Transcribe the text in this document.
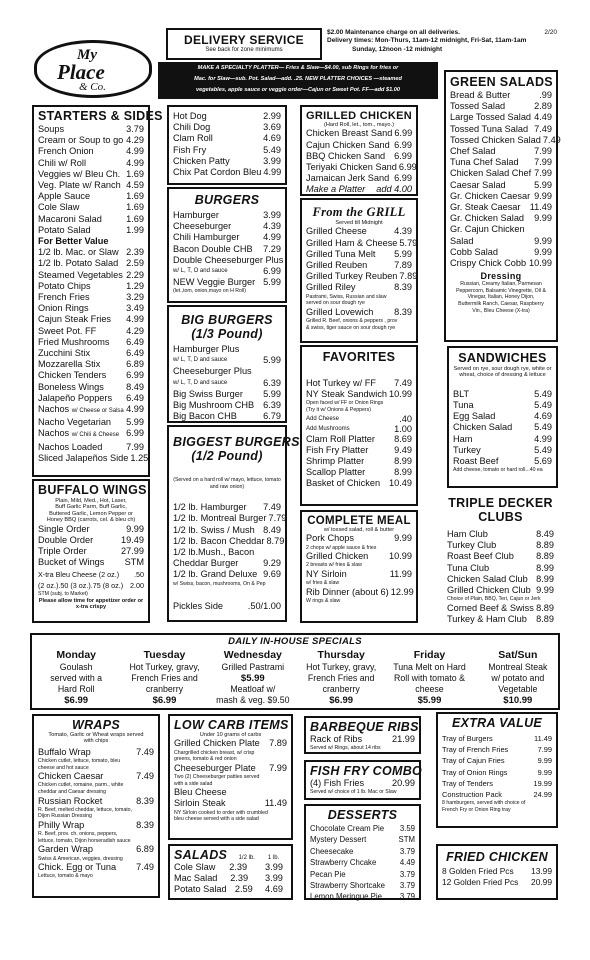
My
Place
& Co.
DELIVERY SERVICE
See back for zone minimums
$2.00 Maintenance charge on all deliveries.	2/20
Delivery times: Mon-Thurs, 11am-12 midnight, Fri-Sat, 11am-1am
Sunday, 12noon -12 midnight
MAKE A SPECIALTY PLATTER— Fries & Slaw—$4.00, sub Rings for fries or
Mac. for Slaw—sub. Pot. Salad—add. .25. NEW PLATTER CHOICES —steamed
vegetables, apple sauce or veggie order—Cajun or Sweet Pot. FF—add $1.00
STARTERS & SIDES
Soups	3.79
Cream or Soup to go 4.29
French Onion	4.99
Chili w/ Roll	4.99
Veggies w/ Bleu Ch. 1.69
Veg. Plate w/ Ranch 4.59
Apple Sauce	1.69
Cole Slaw	1.69
Macaroni Salad	1.69
Potato Salad	1.99
For Better Value
1/2 lb. Mac. or Slaw 2.39
1/2 lb. Potato Salad 2.59
Steamed Vegetables 2.29
Potato Chips	1.29
French Fries	3.29
Onion Rings	3.49
Cajun Steak Fries 4.99
Sweet Pot. FF	4.29
Fried Mushrooms 6.49
Zucchini Stix	6.49
Mozzarella Stix	6.89
Chicken Tenders 6.99
Boneless Wings 8.49
Jalapeño Poppers 6.49
Nachos w/ Cheese or Salsa 4.99
Nacho Vegetarian 5.99
Nachos w/ Chili & Cheese 6.99
Nachos Loaded	7.99
Sliced Jalapeños Side 1.25
Hot Dog	2.99
Chili Dog	3.69
Clam Roll	4.69
Fish Fry	5.49
Chicken Patty	3.99
Chix Pat Cordon Bleu 4.99
BURGERS
Hamburger	3.99
Cheeseburger	4.39
Chili Hamburger	4.99
Bacon Double CHB 7.29
Double Cheeseburger Plus
w/ L, T, O and sauce	6.99
NEW Veggie Burger 5.99
(let.,tom, onion,mayo on H Roll)
BIG BURGERS
(1/3 Pound)
Hamburger Plus
w/ L, T, D and sauce	5.99
Cheeseburger Plus
w/ L, T, D and sauce	6.39
Big Swiss Burger 5.99
Big Mushroom CHB 6.39
Big Bacon CHB	6.79
BIGGEST BURGERS
(1/2 Pound)
(Served on a hard roll w/ mayo, lettuce, tomato and raw onion)
1/2 lb. Hamburger 7.49
1/2 lb. Montreal Burger 7.79
1/2 lb. Swiss / Mush 8.49
1/2 lb. Bacon Cheddar 8.79
1/2 lb.Mush., Bacon
Cheddar Burger	9.29
1/2 lb. Grand Deluxe 9.69
w/ Swiss, bacon, mushrooms, On & Pep
Pickles Side	.50/1.00
GRILLED CHICKEN
(Hard Roll, let., tom., mayo.)
Chicken Breast Sand 6.99
Cajun Chicken Sand 6.99
BBQ Chicken Sand 6.99
Teriyaki Chicken Sand 6.99
Jamaican Jerk Sand 6.99
Make a Platter add 4.00
From the GRILL
Served till Midnight
Grilled Cheese	4.39
Grilled Ham & Cheese 5.79
Grilled Tuna Melt 5.99
Grilled Reuben	7.89
Grilled Turkey Reuben 7.89
Grilled Riley	8.39
Pastrami, Swiss, Russian and slaw
served on sour dough rye
Grilled Lovewich 8.39
Grilled R. Beef, onions & peppers , prov
& swiss, tiger sauce on sour dough rye
FAVORITES
Hot Turkey w/ FF 7.49
NY Steak Sandwich 10.99
Open faced w/ FF or Onion Rings
(Try it w/ Onions & Peppers)
Add Cheese	.40
Add Mushrooms	1.00
Clam Roll Platter 8.69
Fish Fry Platter	9.49
Shrimp Platter	8.99
Scallop Platter	8.99
Basket of Chicken 10.49
COMPLETE MEAL
w/ tossed salad, roll & butter
Pork Chops	9.99
2 chops w/ apple sauce & fries
Grilled Chicken 10.99
2 breasts w/ fries & slaw
NY Sirloin	11.99
w/ fries & slaw
Rib Dinner (about 6) 12.99
W rings & slaw
GREEN SALADS
Bread & Butter	.99
Tossed Salad	2.89
Large Tossed Salad 4.49
Tossed Tuna Salad 7.49
Tossed Chicken Salad 7.49
Chef Salad	7.99
Tuna Chef Salad 7.99
Chicken Salad Chef 7.99
Caesar Salad	5.99
Gr. Chicken Caesar 9.99
Gr. Steak Caesar 11.49
Gr. Chicken Salad 9.99
Gr. Cajun Chicken
Salad	9.99
Cobb Salad	9.99
Crispy Chick Cobb 10.99
Dressing
Russian, Creamy Italian, Parmesan
Peppercorn, Balsamic Vinegrette, Oil &
Vinegar, Italian, Honey Dijon,
Buttermilk Ranch, Caesar, Raspberry
Vin., Bleu Cheese (X-tra)
SANDWICHES
Served on rye, sour dough rye, white or
wheat, choice of dressing & lettuce
BLT	5.49
Tuna	5.49
Egg Salad	4.69
Chicken Salad 5.49
Ham	4.99
Turkey	5.49
Roast Beef	5.69
Add cheese, tomato or hard roll...40 ea
TRIPLE DECKER
CLUBS
Ham Club	8.49
Turkey Club	8.89
Roast Beef Club 8.89
Tuna Club	8.99
Chicken Salad Club 8.99
Grilled Chicken Club 9.99
Choice of Plain, BBQ, Teri, Cajun or Jerk
Corned Beef & Swiss 8.89
Turkey & Ham Club 8.89
BUFFALO WINGS
Plain, Mild, Med., Hot, Laser,
Buff Garlic Parm, Buff Garlic,
Buttered Garlic, Lemon Pepper or
Honey BBQ (carrots, cel. & bleu ch)
Single Order	9.99
Double Order	19.49
Triple Order	27.99
Bucket of Wings STM
X-tra Bleu Cheese (2 oz.) .50
(2 oz.).50 (3 oz.).75 (8 oz.) 2.00
STM (subj. to Market)
Please allow time for appetizer order or
x-tra crispy
DAILY IN-HOUSE SPECIALS
Monday
Goulash
served with a
Hard Roll
$6.99
Tuesday
Hot Turkey, gravy,
French Fries and
cranberry
$6.99
Wednesday
Grilled Pastrami
$5.99
Meatloaf w/
mash & veg. $9.50
Thursday
Hot Turkey, gravy,
French Fries and
cranberry
$6.99
Friday
Tuna Melt on Hard
Roll with tomato &
cheese
$5.99
Sat/Sun
Montreal Steak
w/ potato and
Vegetable
$10.99
WRAPS
Tomato, Garlic or Wheat wraps served
with chips
Buffalo Wrap	7.49
Chicken cutlet, lettuce, tomato, bleu
cheese and hot sauce
Chicken Caesar	7.49
Chicken cutlet, romaine, parm., white
cheddar and Caesar dressing
Russian Rocket	8.39
R. Beef, melted cheddar, lettuce, tomato,
Dijon Russian Dressing
Philly Wrap	8.39
R. Beef, prov. ch. onions, peppers,
lettuce, tomato, Dijon horseradish sauce
Garden Wrap	6.89
Swiss & American, veggies, dressing
Chick. Egg or Tuna 7.49
Lettuce, tomato & mayo
LOW CARB ITEMS
Under 10 grams of carbs
Grilled Chicken Plate 7.89
Chargrilled chicken breast, w/ crisp
greens, tomato & red onion
Cheeseburger Plate 7.99
Two (2) Cheeseburger patties served
with a side salad
Bleu Cheese
Sirloin Steak	11.49
NY Sirloin cooked to order with crumbled
bleu cheese served with a side salad
SALADS	1/2 lb.	1 lb.
Cole Slaw	2.39	3.99
Mac Salad	2.39	3.99
Potato Salad 2.59	4.69
BARBEQUE RIBS
Rack of Ribs	21.99
Served w/ Rings, about 14 ribs
FISH FRY COMBO
(4) Fish Fries	20.99
Served w/ choice of 1 lb. Mac or Slaw
DESSERTS
Chocolate Cream Pie 3.59
Mystery Dessert	STM
Cheesecake	3.79
Strawberry Chcake	4.49
Pecan Pie	3.79
Strawberry Shortcake 3.79
Lemon Meringue Pie 3.79
EXTRA VALUE
Tray of Burgers	11.49
Tray of French Fries	7.99
Tray of Cajun Fries	9.99
Tray of Onion Rings	9.99
Tray of Tenders	19.99
Construction Pack	24.99
8 hamburgers, served with choice of
French Fry or Onion Ring tray
FRIED CHICKEN
8 Golden Fried Pcs 13.99
12 Golden Fried Pcs 20.99
